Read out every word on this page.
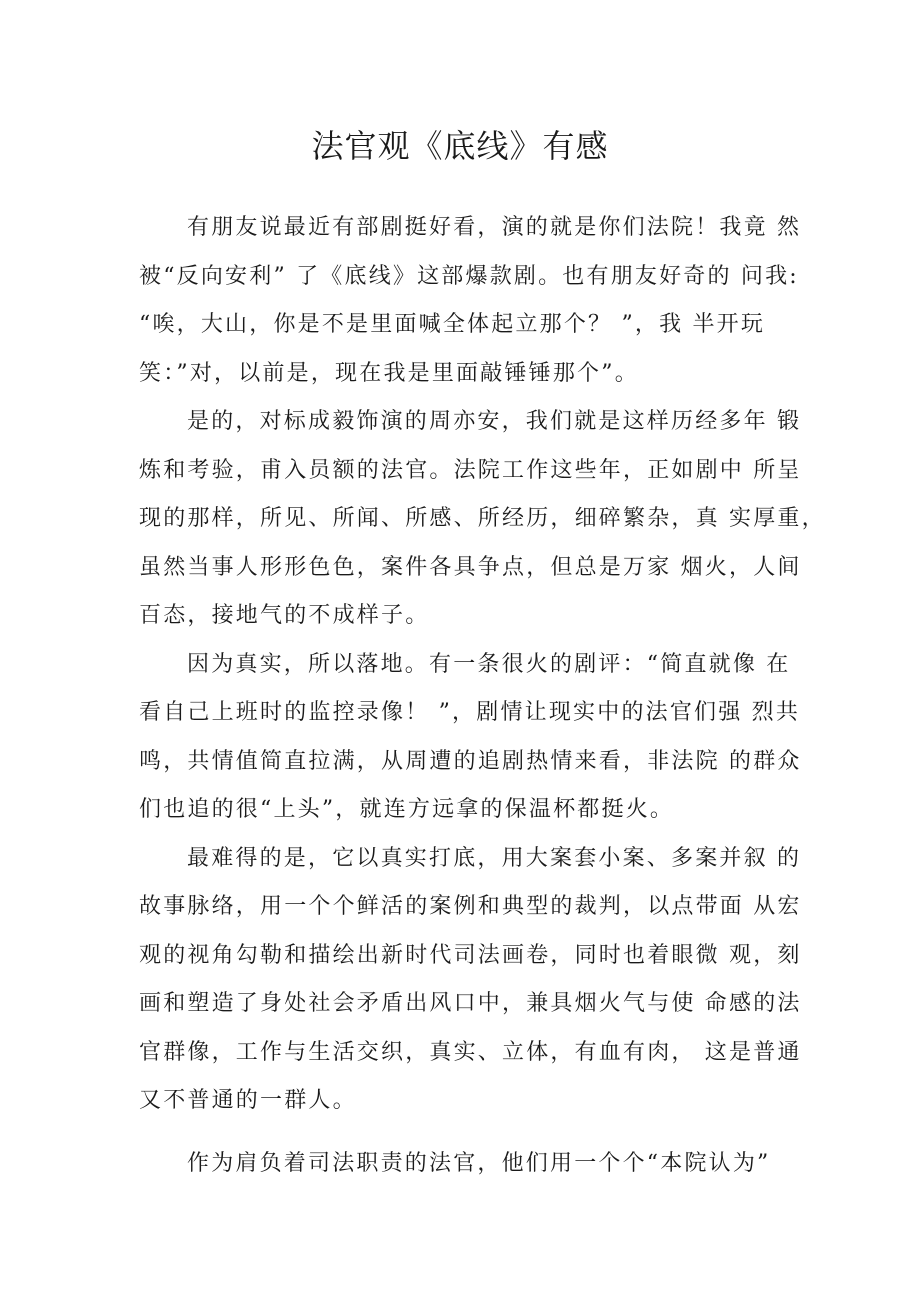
法官观《底线》有感
有朋友说最近有部剧挺好看，演的就是你们法院！我竟 然
被“反向安利” 了《底线》这部爆款剧。也有朋友好奇的 问我:
“唉，大山，你是不是里面喊全体起立那个？ ”，我 半开玩
笑：”对，以前是，现在我是里面敲锤锤那个”。
是的，对标成毅饰演的周亦安，我们就是这样历经多年 锻
炼和考验，甫入员额的法官。法院工作这些年，正如剧中 所呈
现的那样，所见、所闻、所感、所经历，细碎繁杂，真 实厚重，
虽然当事人形形色色，案件各具争点，但总是万家 烟火，人间
百态，接地气的不成样子。
因为真实，所以落地。有一条很火的剧评：“简直就像 在
看自己上班时的监控录像！ ”，剧情让现实中的法官们强 烈共
鸣，共情值简直拉满，从周遭的追剧热情来看，非法院 的群众
们也追的很“上头”，就连方远拿的保温杯都挺火。
最难得的是，它以真实打底，用大案套小案、多案并叙 的
故事脉络，用一个个鲜活的案例和典型的裁判，以点带面 从宏
观的视角勾勒和描绘出新时代司法画卷，同时也着眼微 观，刻
画和塑造了身处社会矛盾出风口中，兼具烟火气与使 命感的法
官群像，工作与生活交织，真实、立体，有血有肉， 这是普通
又不普通的一群人。
作为肩负着司法职责的法官，他们用一个个“本院认为”
